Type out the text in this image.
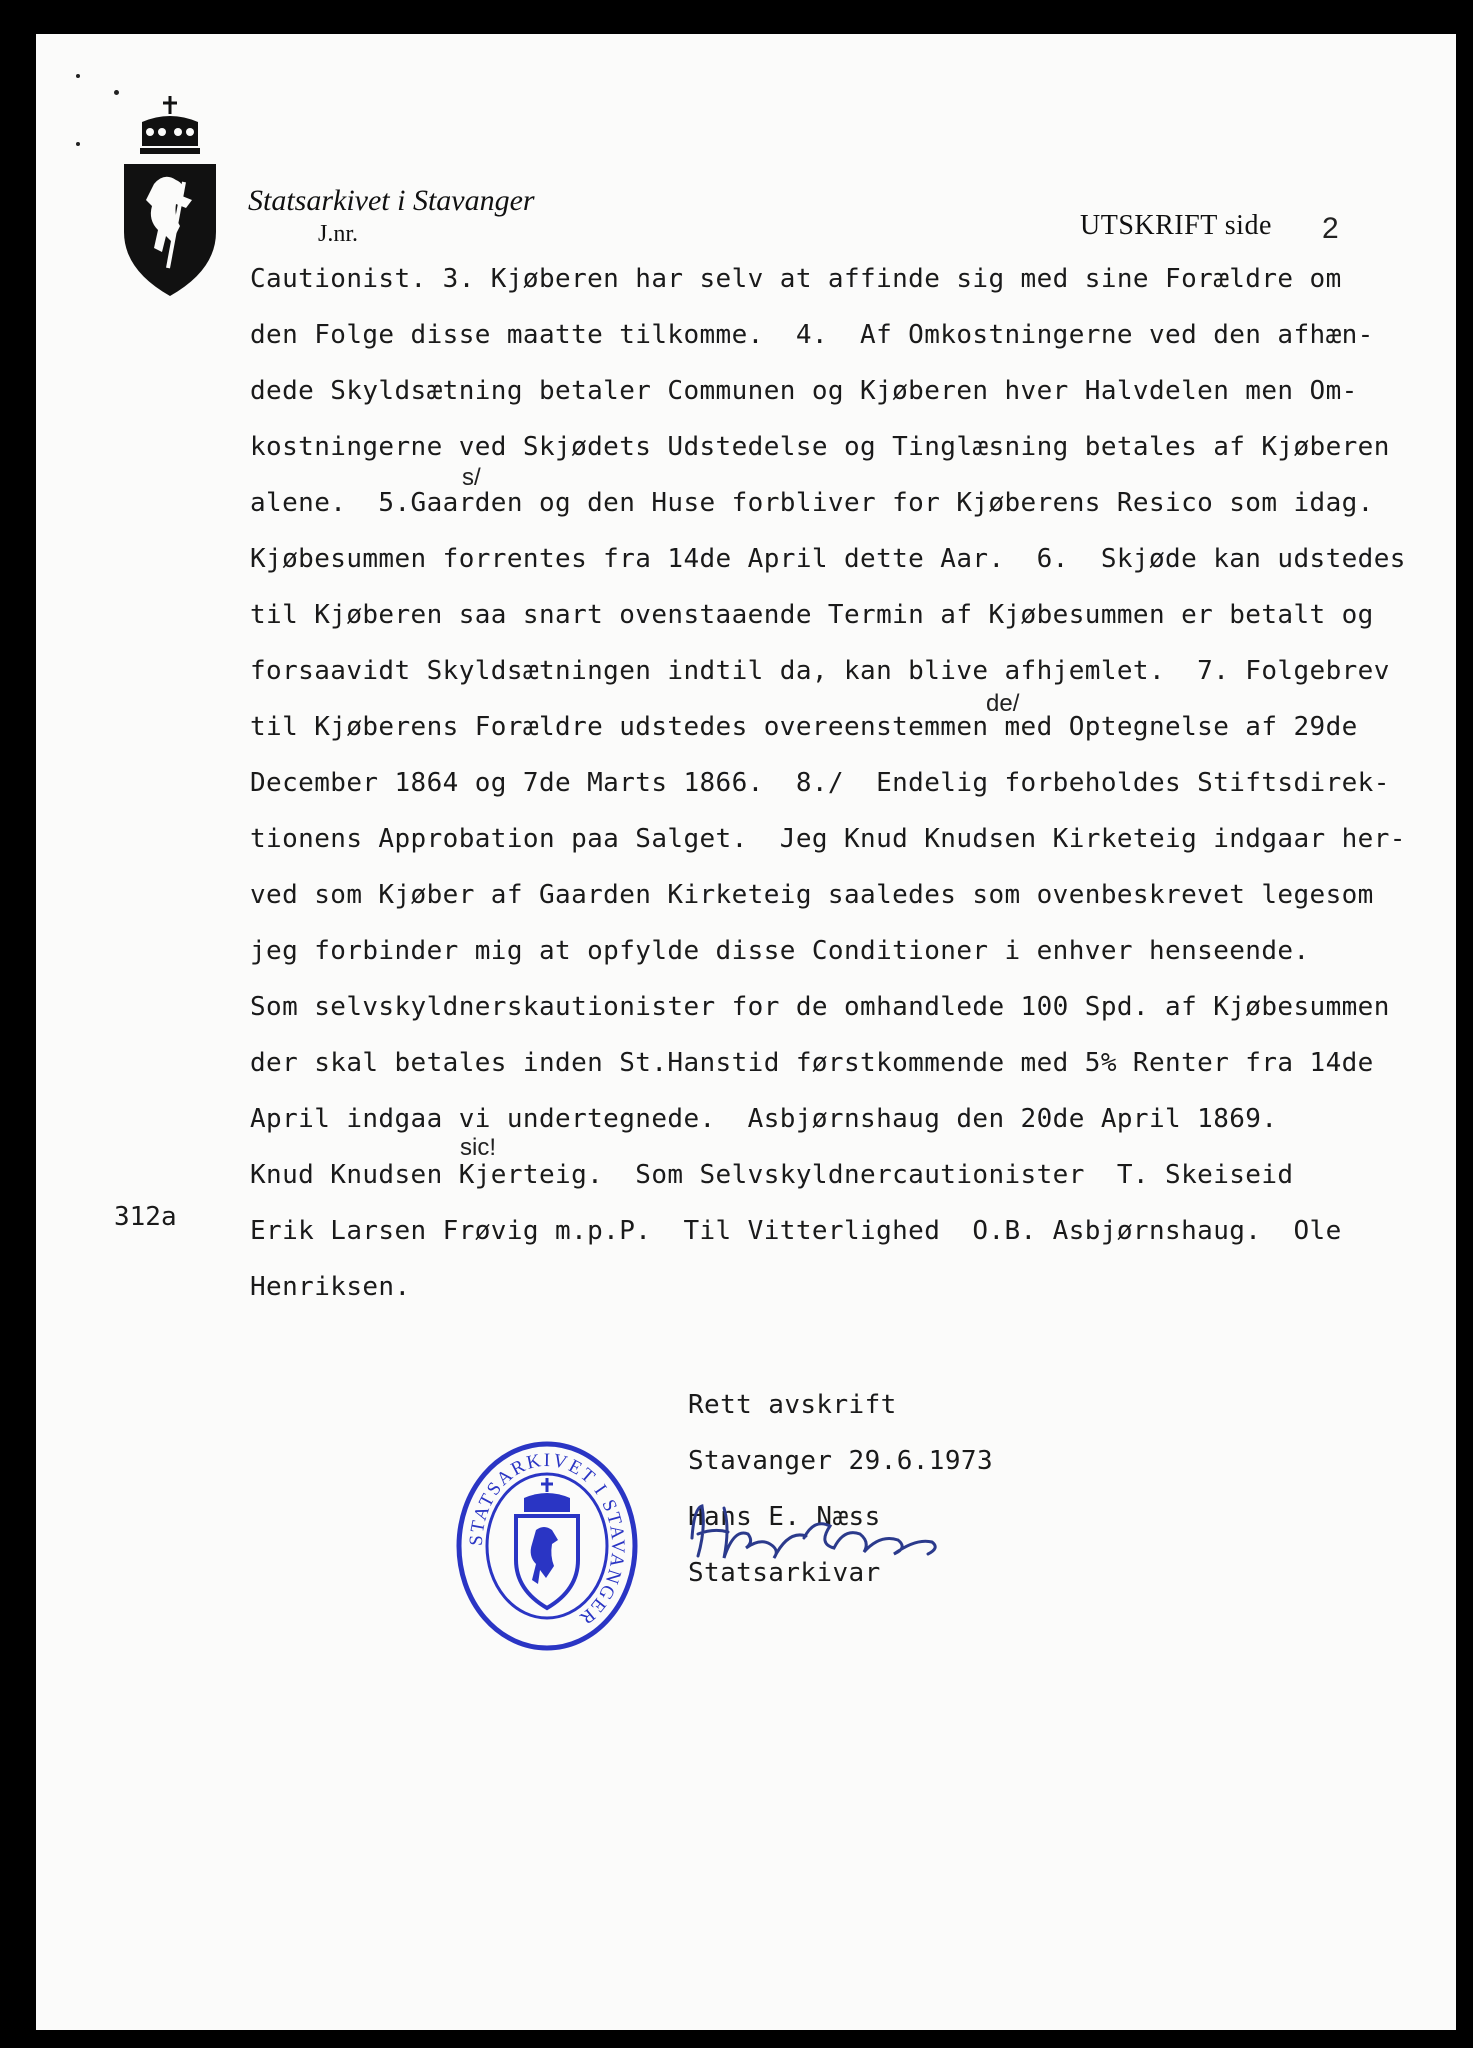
Statsarkivet i Stavanger
J.nr.	UTSKRIFT side 2
Cautionist. 3. Kjøberen har selv at affinde sig med sine Forældre om
den Folge disse maatte tilkomme.  4.  Af Omkostningerne ved den afhæn-
dede Skyldsætning betaler Communen og Kjøberen hver Halvdelen men Om-
kostningerne ved Skjødets Udstedelse og Tinglæsning betales af Kjøberen
alene.  5.Gaarden og den Huse forbliver for Kjøberens Resico som idag.
Kjøbesummen forrentes fra 14de April dette Aar.  6.  Skjøde kan udstedes
til Kjøberen saa snart ovenstaaende Termin af Kjøbesummen er betalt og
forsaavidt Skyldsætningen indtil da, kan blive afhjemlet.  7. Folgebrev
til Kjøberens Forældre udstedes overeenstemmen med Optegnelse af 29de
December 1864 og 7de Marts 1866.  8./  Endelig forbeholdes Stiftsdirek-
tionens Approbation paa Salget.  Jeg Knud Knudsen Kirketeig indgaar her-
ved som Kjøber af Gaarden Kirketeig saaledes som ovenbeskrevet legesom
jeg forbinder mig at opfylde disse Conditioner i enhver henseende.
Som selvskyldnerskautionister for de omhandlede 100 Spd. af Kjøbesummen
der skal betales inden St.Hanstid førstkommende med 5% Renter fra 14de
April indgaa vi undertegnede.  Asbjørnshaug den 20de April 1869.
Knud Knudsen Kjerteig.  Som Selvskyldnercautionister  T. Skeiseid
Erik Larsen Frøvig m.p.P.  Til Vitterlighed  O.B. Asbjørnshaug.  Ole
Henriksen.
s/
de/
sic!
312a
Rett avskrift
Stavanger 29.6.1973
Hans E. Næss
Statsarkivar
STATSARKIVET I STAVANGER
